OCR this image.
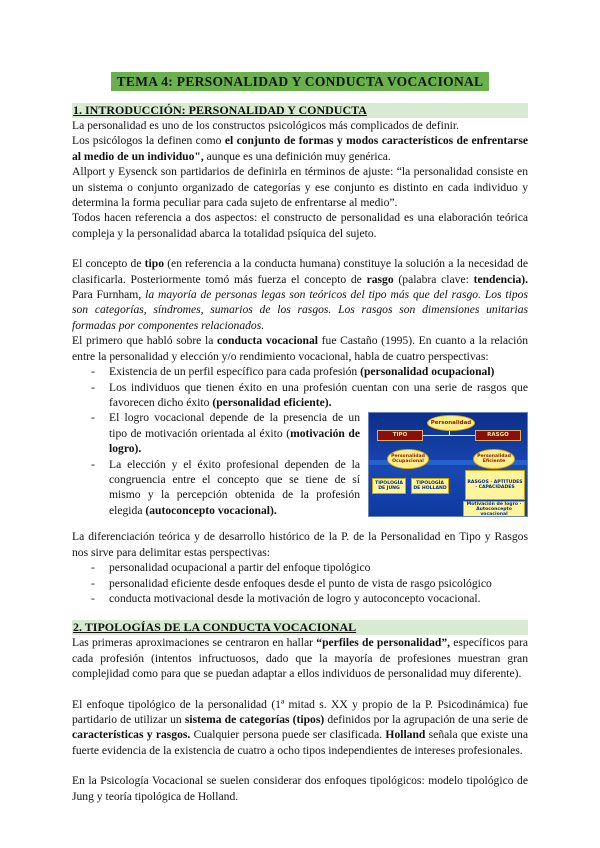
TEMA 4: PERSONALIDAD Y CONDUCTA VOCACIONAL
1. INTRODUCCIÓN: PERSONALIDAD Y CONDUCTA

La personalidad es uno de los constructos psicológicos más complicados de definir.

Los psicólogos la definen como el conjunto de formas y modos característicos de enfrentarse al medio de un individuo", aunque es una definición muy genérica.

Allport y Eysenck son partidarios de definirla en términos de ajuste: “la personalidad consiste en un sistema o conjunto organizado de categorías y ese conjunto es distinto en cada individuo y determina la forma peculiar para cada sujeto de enfrentarse al medio”.

Todos hacen referencia a dos aspectos: el constructo de personalidad es una elaboración teórica compleja y la personalidad abarca la totalidad psíquica del sujeto.

El concepto de tipo (en referencia a la conducta humana) constituye la solución a la necesidad de clasificarla. Posteriormente tomó más fuerza el concepto de rasgo (palabra clave: tendencia). Para Furnham, la mayoría de personas legas son teóricos del tipo más que del rasgo. Los tipos son categorías, síndromes, sumarios de los rasgos. Los rasgos son dimensiones unitarias formadas por componentes relacionados.

El primero que habló sobre la conducta vocacional fue Castaño (1995). En cuanto a la relación entre la personalidad y elección y/o rendimiento vocacional, habla de cuatro perspectivas:

- Existencia de un perfil específico para cada profesión (personalidad ocupacional)
- Los individuos que tienen éxito en una profesión cuentan con una serie de rasgos que favorecen dicho éxito (personalidad eficiente).
Personalidad
TIPO	RASGO
Personalidad Ocupacional
Personalidad Eficiente
TIPOLOGÍA DE JUNG
TIPOLOGÍA DE HOLLAND
RASGOS · APTITUDES · CAPACIDADES
Motivación de logro · Autoconcepto vocacional
- El logro vocacional depende de la presencia de un tipo de motivación orientada al éxito (motivación de logro).
- La elección y el éxito profesional dependen de la congruencia entre el concepto que se tiene de sí mismo y la percepción obtenida de la profesión elegida (autoconcepto vocacional).

La diferenciación teórica y de desarrollo histórico de la P. de la Personalidad en Tipo y Rasgos nos sirve para delimitar estas perspectivas:

- personalidad ocupacional a partir del enfoque tipológico
- personalidad eficiente desde enfoques desde el punto de vista de rasgo psicológico
- conducta motivacional desde la motivación de logro y autoconcepto vocacional.
2. TIPOLOGÍAS DE LA CONDUCTA VOCACIONAL

Las primeras aproximaciones se centraron en hallar “perfiles de personalidad”, específicos para cada profesión (intentos infructuosos, dado que la mayoría de profesiones muestran gran complejidad como para que se puedan adaptar a ellos individuos de personalidad muy diferente).

El enfoque tipológico de la personalidad (1ª mitad s. XX y propio de la P. Psicodinámica) fue partidario de utilizar un sistema de categorías (tipos) definidos por la agrupación de una serie de características y rasgos. Cualquier persona puede ser clasificada. Holland señala que existe una fuerte evidencia de la existencia de cuatro a ocho tipos independientes de intereses profesionales.

En la Psicología Vocacional se suelen considerar dos enfoques tipológicos: modelo tipológico de Jung y teoría tipológica de Holland.
